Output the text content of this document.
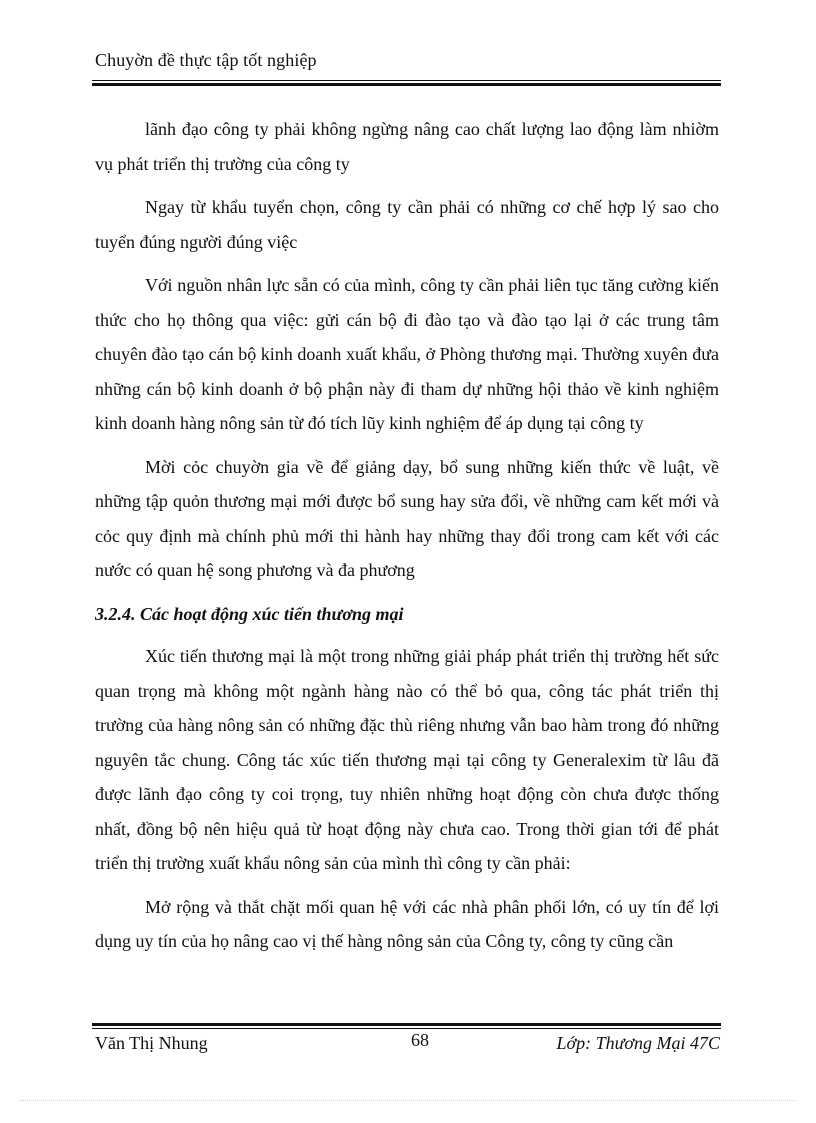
Chuyờn đề thực tập tốt nghiệp

lãnh đạo công ty phải không ngừng nâng cao chất lượng lao động làm nhiờm vụ phát triển thị trường của công ty

Ngay từ khẩu tuyển chọn, công ty cần phải có những cơ chế hợp lý sao cho tuyển đúng người đúng việc

Với nguồn nhân lực sẵn có của mình, công ty cần phải liên tục tăng cường kiến thức cho họ thông qua việc: gửi cán bộ đi đào tạo và đào tạo lại ở các trung tâm chuyên đào tạo cán bộ kinh doanh xuất khẩu, ở Phòng thương mại. Thường xuyên đưa những cán bộ kinh doanh ở bộ phận này đi tham dự những hội thảo về kinh nghiệm kinh doanh hàng nông sản từ đó tích lũy kinh nghiệm để áp dụng tại công ty

Mời cỏc chuyờn gia về để giảng dạy, bổ sung những kiến thức về luật, về những tập quỏn thương mại mới được bổ sung hay sửa đổi, về những cam kết mới và cỏc quy định mà chính phủ mới thi hành hay những thay đổi trong cam kết với các nước có quan hệ song phương và đa phương

3.2.4. Các hoạt động xúc tiến thương mại

Xúc tiến thương mại là một trong những giải pháp phát triển thị trường hết sức quan trọng mà không một ngành hàng nào có thể bỏ qua, công tác phát triển thị trường của hàng nông sản có những đặc thù riêng nhưng vẫn bao hàm trong đó những nguyên tắc chung. Công tác xúc tiến thương mại tại công ty Generalexim từ lâu đã được lãnh đạo công ty coi trọng, tuy nhiên những hoạt động còn chưa được thống nhất, đồng bộ nên hiệu quả từ hoạt động này chưa cao. Trong thời gian tới để phát triển thị trường xuất khẩu nông sản của mình thì công ty cần phải:

Mở rộng và thắt chặt mối quan hệ với các nhà phân phối lớn, có uy tín để lợi dụng uy tín của họ nâng cao vị thế hàng nông sản của Công ty, công ty cũng cần

Văn Thị Nhung	68	Lớp: Thương Mại 47C
